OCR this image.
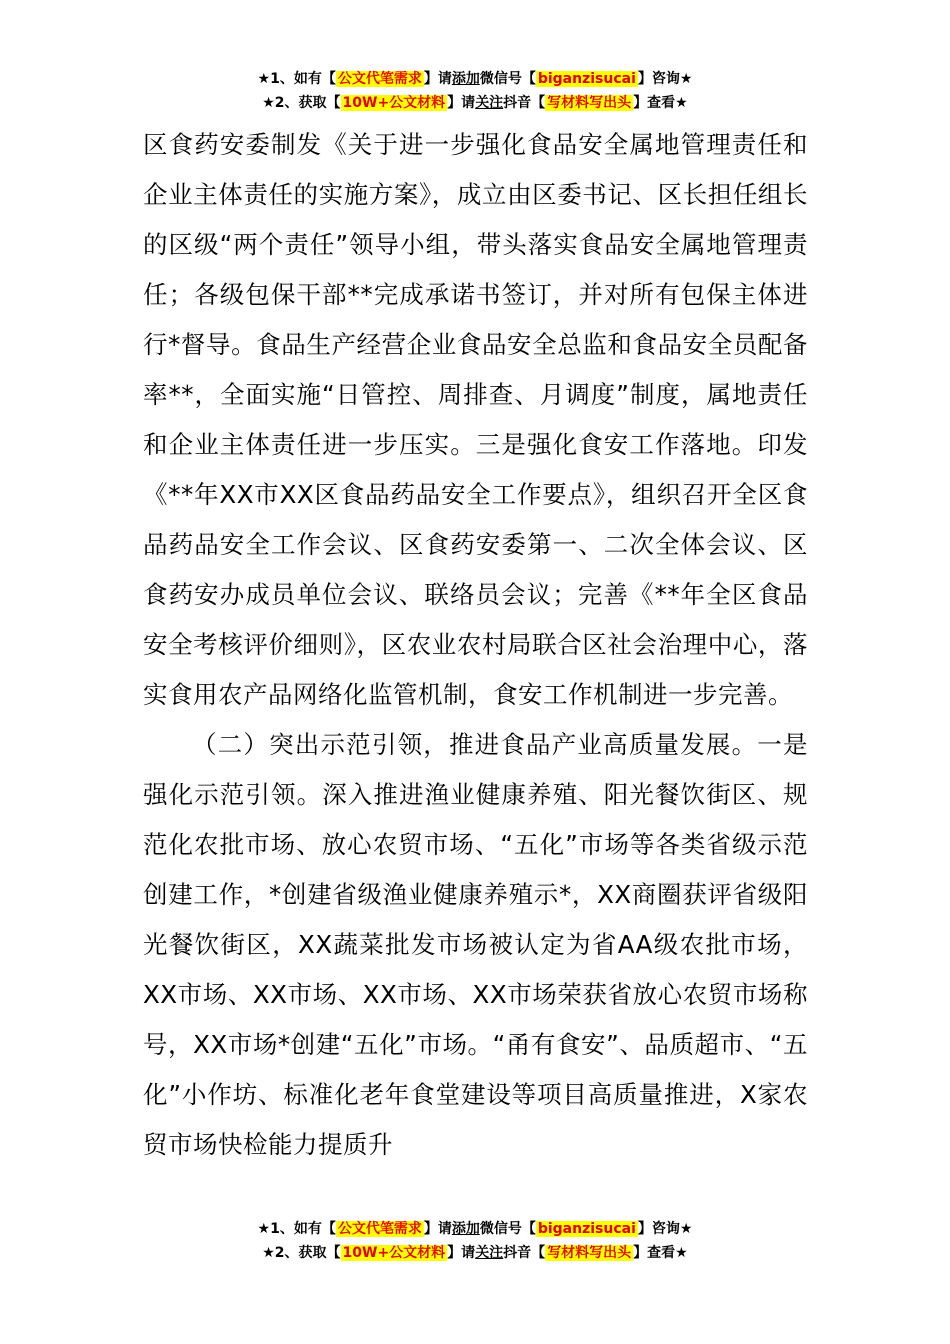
★1、如有【 公文代笔需求 】请添加微信号【 biganzisucai 】咨询★
★2、获取【 10W+公文材料 】请关注抖音【 写材料写出头 】查看★

区食药安委制发《关于进一步强化食品安全属地管理责任和企业主体责任的实施方案》，成立由区委书记、区长担任组长的区级“两个责任”领导小组，带头落实食品安全属地管理责任；各级包保干部**完成承诺书签订，并对所有包保主体进行*督导。食品生产经营企业食品安全总监和食品安全员配备率**，全面实施“日管控、周排查、月调度”制度，属地责任和企业主体责任进一步压实。三是强化食安工作落地。印发《**年XX市XX区食品药品安全工作要点》，组织召开全区食品药品安全工作会议、区食药安委第一、二次全体会议、区食药安办成员单位会议、联络员会议；完善《**年全区食品安全考核评价细则》，区农业农村局联合区社会治理中心，落实食用农产品网络化监管机制，食安工作机制进一步完善。

（二）突出示范引领，推进食品产业高质量发展。一是强化示范引领。深入推进渔业健康养殖、阳光餐饮街区、规范化农批市场、放心农贸市场、“五化”市场等各类省级示范创建工作，*创建省级渔业健康养殖示*，XX商圈获评省级阳光餐饮街区，XX蔬菜批发市场被认定为省AA级农批市场，XX市场、XX市场、XX市场、XX市场荣获省放心农贸市场称号，XX市场*创建“五化”市场。“甬有食安”、品质超市、“五化”小作坊、标准化老年食堂建设等项目高质量推进，X家农贸市场快检能力提质升

★1、如有【 公文代笔需求 】请添加微信号【 biganzisucai 】咨询★
★2、获取【 10W+公文材料 】请关注抖音【 写材料写出头 】查看★
